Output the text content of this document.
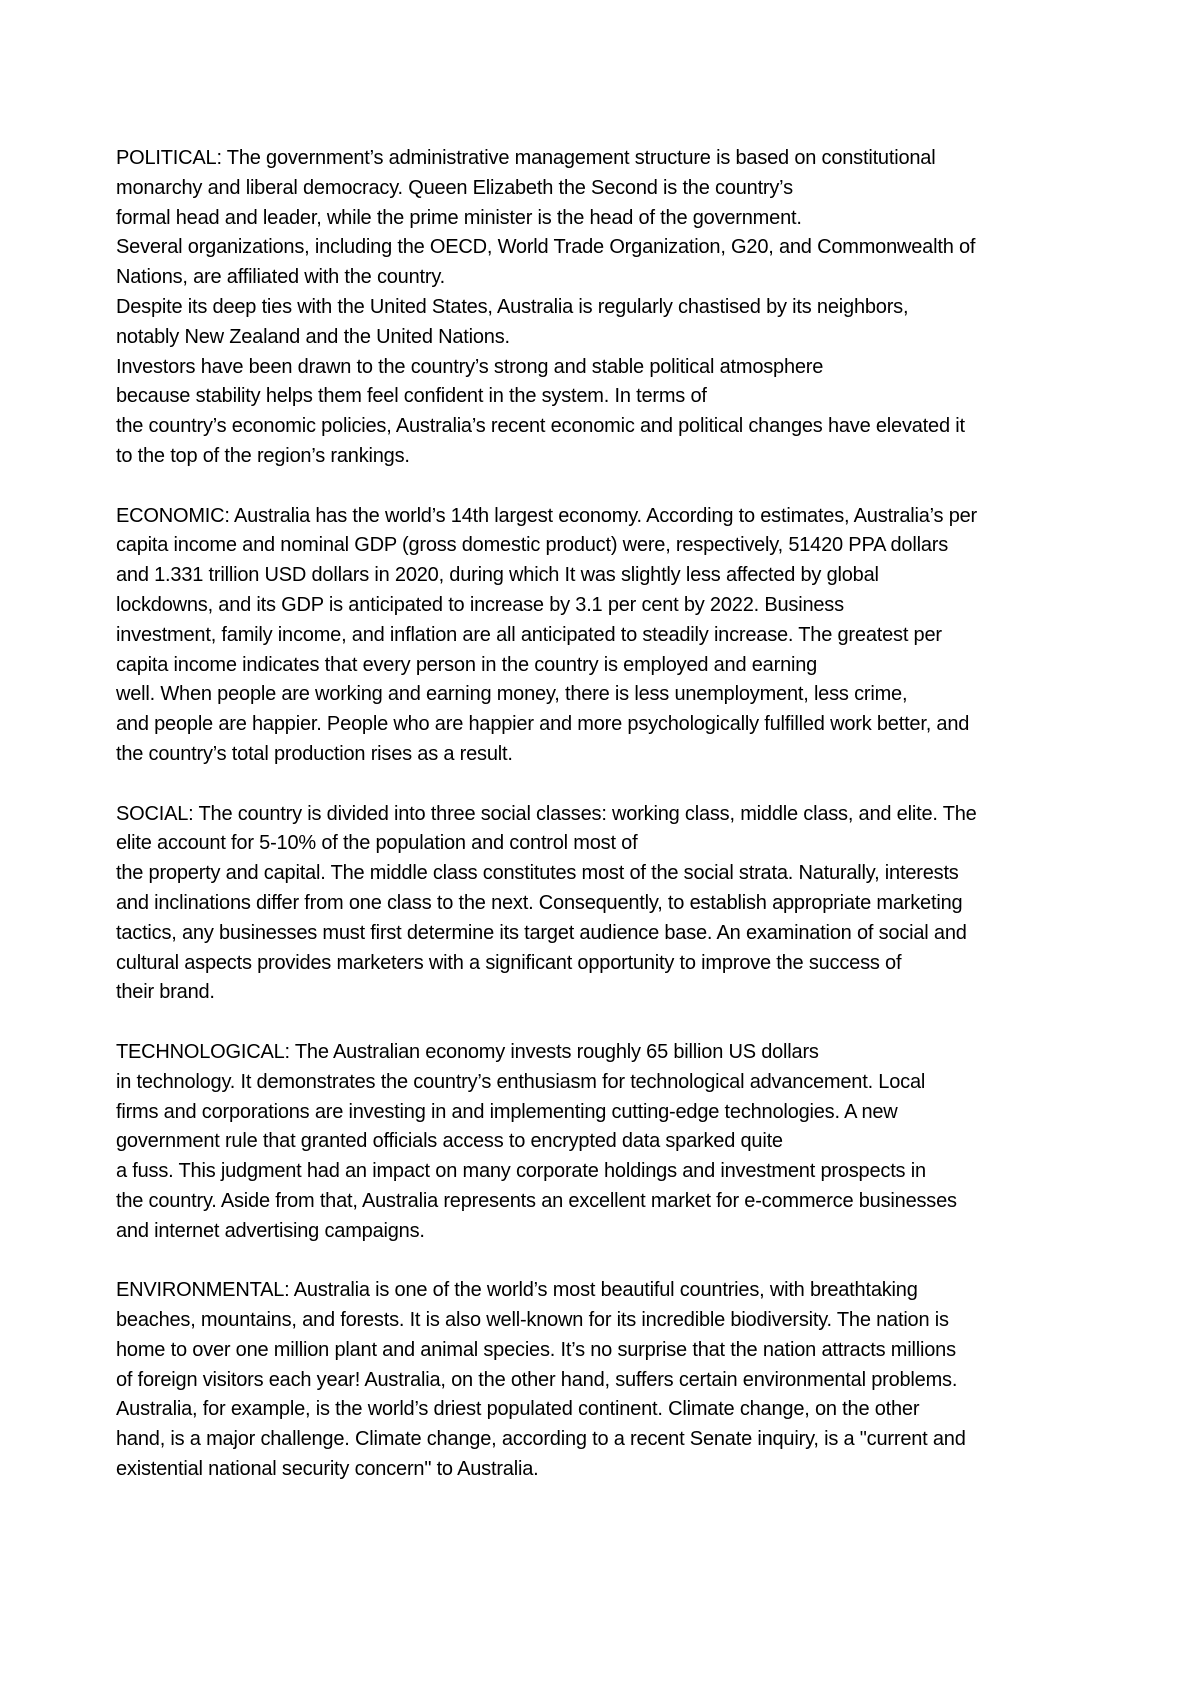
POLITICAL: The government’s administrative management structure is based on constitutional
monarchy and liberal democracy. Queen Elizabeth the Second is the country’s
formal head and leader, while the prime minister is the head of the government.
Several organizations, including the OECD, World Trade Organization, G20, and Commonwealth of
Nations, are affiliated with the country.
Despite its deep ties with the United States, Australia is regularly chastised by its neighbors,
notably New Zealand and the United Nations.
Investors have been drawn to the country’s strong and stable political atmosphere
because stability helps them feel confident in the system. In terms of
the country’s economic policies, Australia’s recent economic and political changes have elevated it
to the top of the region’s rankings.
ECONOMIC: Australia has the world’s 14th largest economy. According to estimates, Australia’s per
capita income and nominal GDP (gross domestic product) were, respectively, 51420 PPA dollars
and 1.331 trillion USD dollars in 2020, during which It was slightly less affected by global
lockdowns, and its GDP is anticipated to increase by 3.1 per cent by 2022. Business
investment, family income, and inflation are all anticipated to steadily increase. The greatest per
capita income indicates that every person in the country is employed and earning
well. When people are working and earning money, there is less unemployment, less crime,
and people are happier. People who are happier and more psychologically fulfilled work better, and
the country’s total production rises as a result.
SOCIAL: The country is divided into three social classes: working class, middle class, and elite. The
elite account for 5-10% of the population and control most of
the property and capital. The middle class constitutes most of the social strata. Naturally, interests
and inclinations differ from one class to the next. Consequently, to establish appropriate marketing
tactics, any businesses must first determine its target audience base. An examination of social and
cultural aspects provides marketers with a significant opportunity to improve the success of
their brand.
TECHNOLOGICAL: The Australian economy invests roughly 65 billion US dollars
in technology. It demonstrates the country’s enthusiasm for technological advancement. Local
firms and corporations are investing in and implementing cutting-edge technologies. A new
government rule that granted officials access to encrypted data sparked quite
a fuss. This judgment had an impact on many corporate holdings and investment prospects in
the country. Aside from that, Australia represents an excellent market for e-commerce businesses
and internet advertising campaigns.
ENVIRONMENTAL: Australia is one of the world’s most beautiful countries, with breathtaking
beaches, mountains, and forests. It is also well-known for its incredible biodiversity. The nation is
home to over one million plant and animal species. It’s no surprise that the nation attracts millions
of foreign visitors each year! Australia, on the other hand, suffers certain environmental problems.
Australia, for example, is the world’s driest populated continent. Climate change, on the other
hand, is a major challenge. Climate change, according to a recent Senate inquiry, is a "current and
existential national security concern" to Australia.
